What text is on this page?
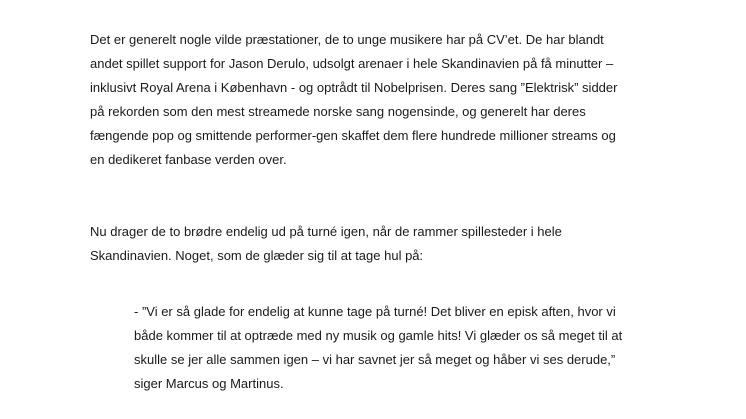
Det er generelt nogle vilde præstationer, de to unge musikere har på CV’et. De har blandt
andet spillet support for Jason Derulo, udsolgt arenaer i hele Skandinavien på få minutter –
inklusivt Royal Arena i København - og optrådt til Nobelprisen. Deres sang ”Elektrisk” sidder
på rekorden som den mest streamede norske sang nogensinde, og generelt har deres
fængende pop og smittende performer-gen skaffet dem flere hundrede millioner streams og
en dedikeret fanbase verden over.

Nu drager de to brødre endelig ud på turné igen, når de rammer spillesteder i hele
Skandinavien. Noget, som de glæder sig til at tage hul på:

- ”Vi er så glade for endelig at kunne tage på turné! Det bliver en episk aften, hvor vi
både kommer til at optræde med ny musik og gamle hits! Vi glæder os så meget til at
skulle se jer alle sammen igen – vi har savnet jer så meget og håber vi ses derude,”
siger Marcus og Martinus.
